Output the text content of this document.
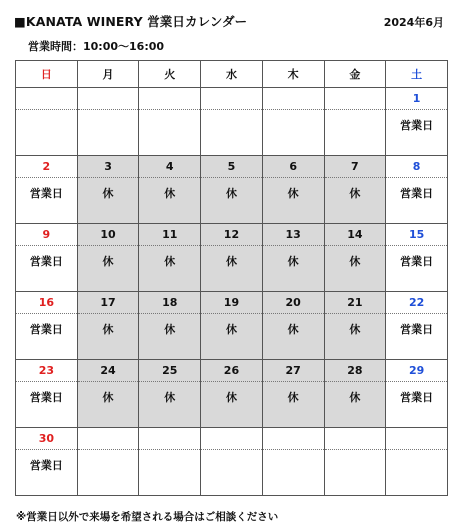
■KANATA WINERY 営業日カレンダー	2024年6月
営業時間：10:00〜16:00
日	月	火	水	木	金	土
						1
						営業日
2	3	4	5	6	7	8
営業日	休	休	休	休	休	営業日
9	10	11	12	13	14	15
営業日	休	休	休	休	休	営業日
16	17	18	19	20	21	22
営業日	休	休	休	休	休	営業日
23	24	25	26	27	28	29
営業日	休	休	休	休	休	営業日
30						
営業日						
※営業日以外で来場を希望される場合はご相談ください
